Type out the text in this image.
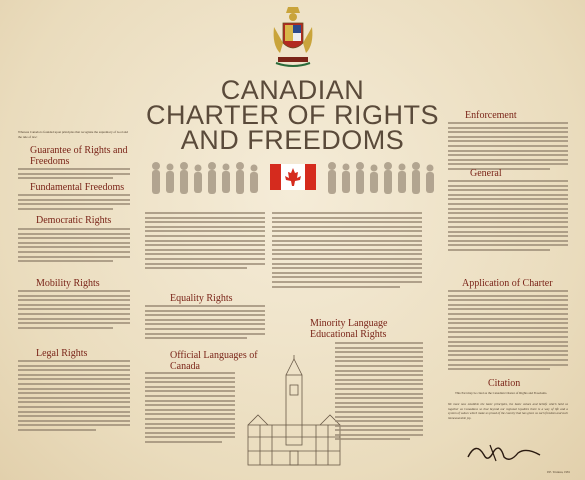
CANADIAN
CHARTER OF RIGHTS
AND FREEDOMS
Whereas Canada is founded upon principles that recognize the supremacy of God and the rule of law:
Guarantee of Rights and Freedoms
Fundamental Freedoms
Democratic Rights
Mobility Rights
Legal Rights
Equality Rights
Official Languages of Canada
Minority Language Educational Rights
Enforcement
General
Application of Charter
Citation
This Part may be cited as the Canadian Charter of Rights and Freedoms.
We must now establish the basic principles, the basic values and beliefs which hold us together as Canadians so that beyond our regional loyalties there is a way of life and a system of values which make us proud of the country that has given us such freedom and such immeasurable joy.
P.E. Trudeau, 1981
